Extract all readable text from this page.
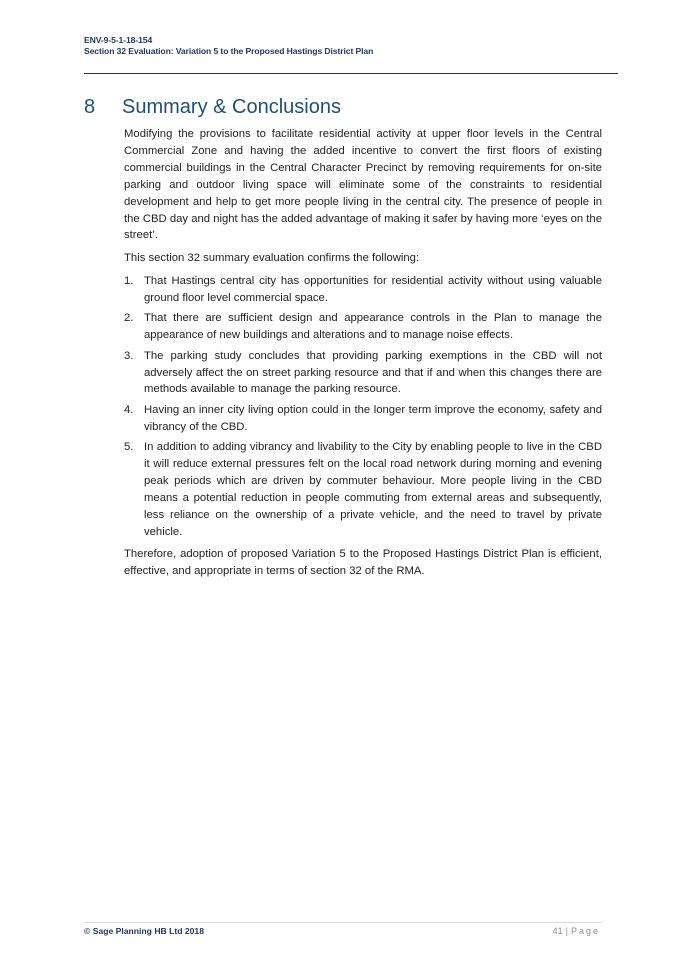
ENV-9-5-1-18-154
Section 32 Evaluation: Variation 5 to the Proposed Hastings District Plan
8 Summary & Conclusions

Modifying the provisions to facilitate residential activity at upper floor levels in the Central Commercial Zone and having the added incentive to convert the first floors of existing commercial buildings in the Central Character Precinct by removing requirements for on-site parking and outdoor living space will eliminate some of the constraints to residential development and help to get more people living in the central city. The presence of people in the CBD day and night has the added advantage of making it safer by having more ‘eyes on the street’.

This section 32 summary evaluation confirms the following:

1. That Hastings central city has opportunities for residential activity without using valuable ground floor level commercial space.
2. That there are sufficient design and appearance controls in the Plan to manage the appearance of new buildings and alterations and to manage noise effects.
3. The parking study concludes that providing parking exemptions in the CBD will not adversely affect the on street parking resource and that if and when this changes there are methods available to manage the parking resource.
4. Having an inner city living option could in the longer term improve the economy, safety and vibrancy of the CBD.
5. In addition to adding vibrancy and livability to the City by enabling people to live in the CBD it will reduce external pressures felt on the local road network during morning and evening peak periods which are driven by commuter behaviour. More people living in the CBD means a potential reduction in people commuting from external areas and subsequently, less reliance on the ownership of a private vehicle, and the need to travel by private vehicle.

Therefore, adoption of proposed Variation 5 to the Proposed Hastings District Plan is efficient, effective, and appropriate in terms of section 32 of the RMA.

© Sage Planning HB Ltd 2018	41 | Page
